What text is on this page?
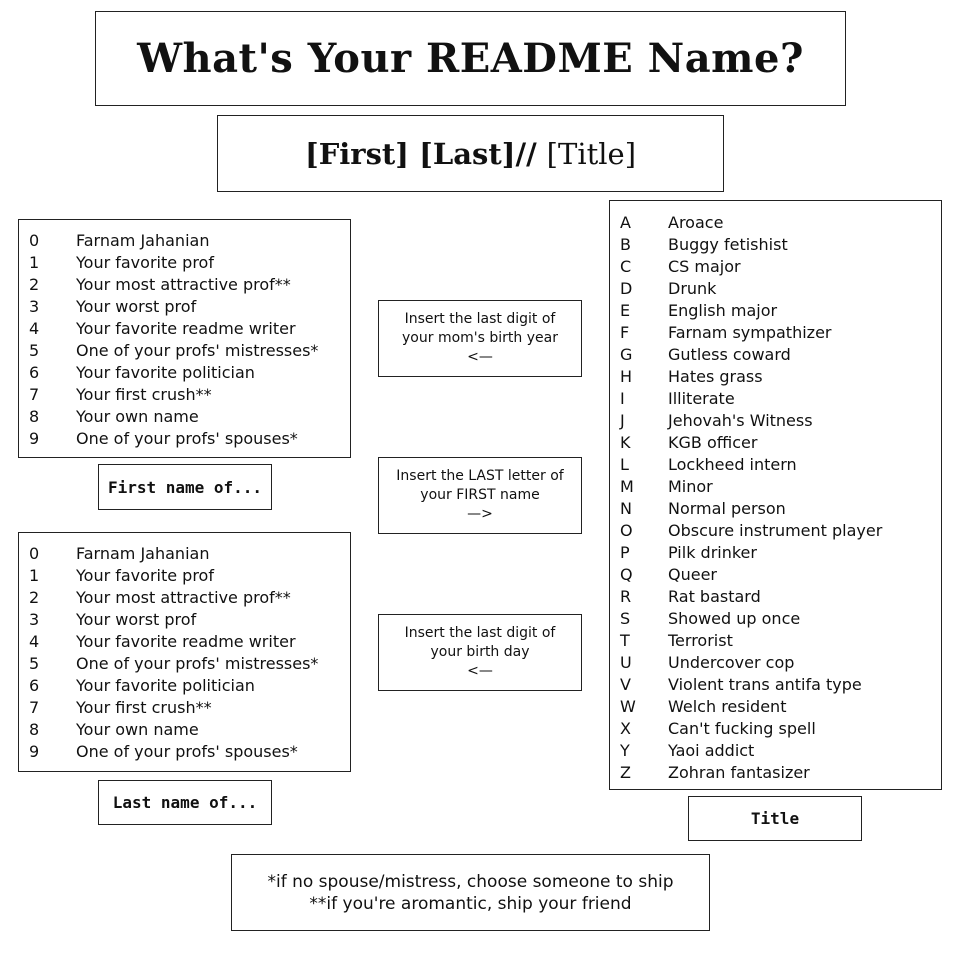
What's Your README Name?
[First] [Last]// [Title]
0	Farnam Jahanian
1	Your favorite prof
2	Your most attractive prof**
3	Your worst prof
4	Your favorite readme writer
5	One of your profs' mistresses*
6	Your favorite politician
7	Your first crush**
8	Your own name
9	One of your profs' spouses*
First name of...
0	Farnam Jahanian
1	Your favorite prof
2	Your most attractive prof**
3	Your worst prof
4	Your favorite readme writer
5	One of your profs' mistresses*
6	Your favorite politician
7	Your first crush**
8	Your own name
9	One of your profs' spouses*
Last name of...
Insert the last digit of
your mom's birth year
<—
Insert the LAST letter of
your FIRST name
—>
Insert the last digit of
your birth day
<—
A	Aroace
B	Buggy fetishist
C	CS major
D	Drunk
E	English major
F	Farnam sympathizer
G	Gutless coward
H	Hates grass
I	Illiterate
J	Jehovah's Witness
K	KGB officer
L	Lockheed intern
M	Minor
N	Normal person
O	Obscure instrument player
P	Pilk drinker
Q	Queer
R	Rat bastard
S	Showed up once
T	Terrorist
U	Undercover cop
V	Violent trans antifa type
W	Welch resident
X	Can't fucking spell
Y	Yaoi addict
Z	Zohran fantasizer
Title
*if no spouse/mistress, choose someone to ship
**if you're aromantic, ship your friend
